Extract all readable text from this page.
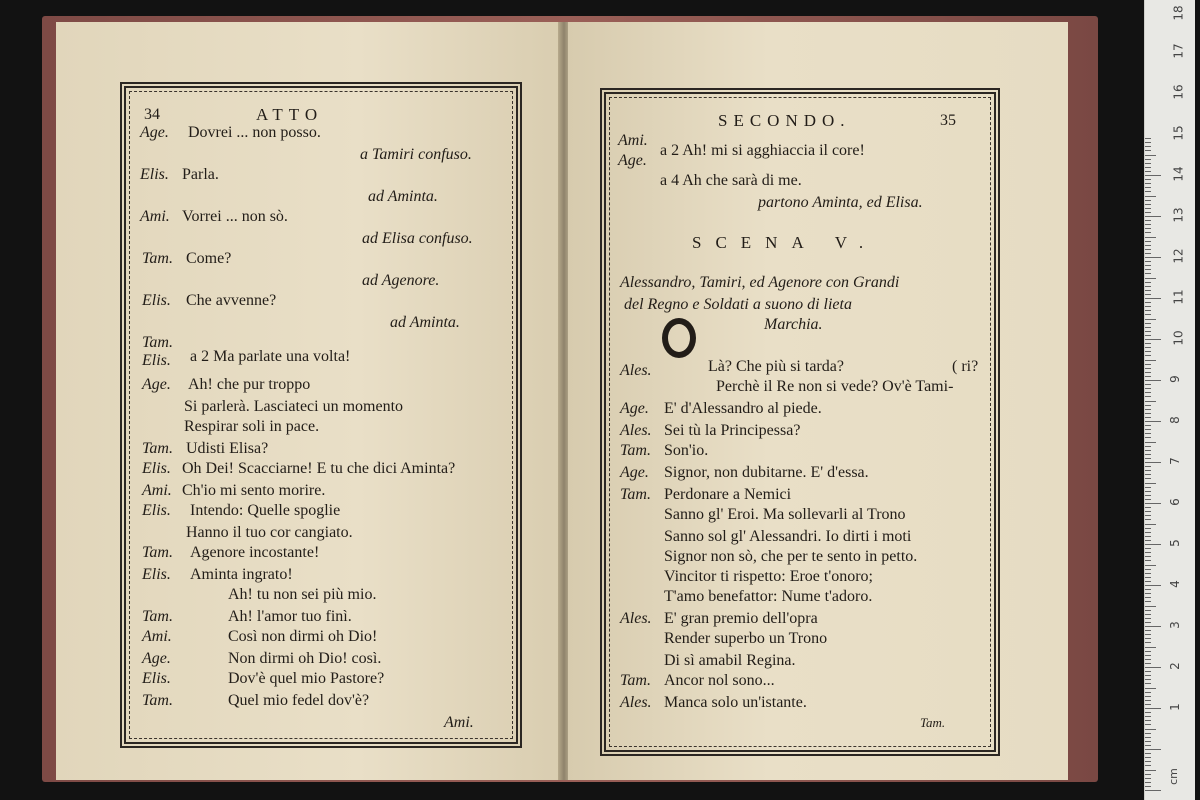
34	ATTO
Age. Dovrei ... non posso.
a Tamiri confuso.
Elis. Parla.
ad Aminta.
Ami. Vorrei ... non sò.
ad Elisa confuso.
Tam. Come?
ad Agenore.
Elis. Che avvenne?
ad Aminta.
Tam.
Elis. a 2 Ma parlate una volta!
Age. Ah! che pur troppo
Si parlerà. Lasciateci un momento
Respirar soli in pace.
Tam. Udisti Elisa?
Elis. Oh Dei! Scacciarne! E tu che dici Aminta?
Ami. Ch'io mi sento morire.
Elis. Intendo: Quelle spoglie
Hanno il tuo cor cangiato.
Tam. Agenore incostante!
Elis. Aminta ingrato!
Ah! tu non sei più mio.
Tam.	Ah! l'amor tuo finì.
Ami.	Così non dirmi oh Dio!
Age.	Non dirmi oh Dio! così.
Elis.	Dov'è quel mio Pastore?
Tam.	Quel mio fedel dov'è?
Ami.
SECONDO.	35
Ami.
Age.
a 2 Ah! mi si agghiaccia il core!
a 4 Ah che sarà di me.
partono Aminta, ed Elisa.
SCENA V.
Alessandro, Tamiri, ed Agenore con Grandi
del Regno e Soldati a suono di lieta
Marchia.
Ales.	Là? Che più si tarda?	( ri?
Perchè il Re non si vede? Ov'è Tami-
Age. E' d'Alessandro al piede.
Ales. Sei tù la Principessa?
Tam. Son'io.
Age. Signor, non dubitarne. E' d'essa.
Tam. Perdonare a Nemici
Sanno gl' Eroi. Ma sollevarli al Trono
Sanno sol gl' Alessandri. Io dirti i moti
Signor non sò, che per te sento in petto.
Vincitor ti rispetto: Eroe t'onoro;
T'amo benefattor: Nume t'adoro.
Ales. E' gran premio dell'opra
Render superbo un Trono
Di sì amabil Regina.
Tam. Ancor nol sono...
Ales. Manca solo un'istante.
Tam.
1
2
3
4
5
6
7
8
9
10
11
12
13
14
15
16
17
18
cm
